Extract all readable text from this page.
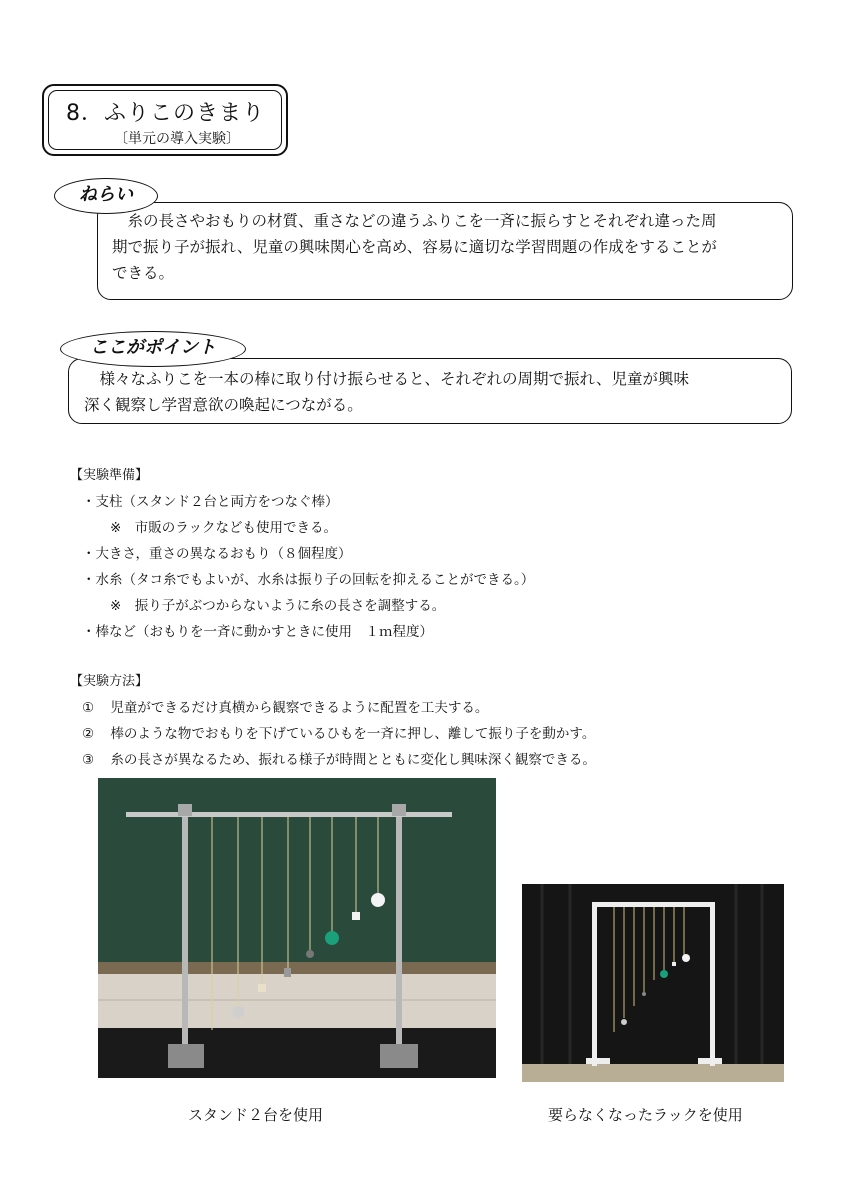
8．ふりこのきまり
〔単元の導入実験〕
糸の長さやおもりの材質、重さなどの違うふりこを一斉に振らすとそれぞれ違った周
期で振り子が振れ、児童の興味関心を高め、容易に適切な学習問題の作成をすることが
できる。
ねらい
様々なふりこを一本の棒に取り付け振らせると、それぞれの周期で振れ、児童が興味
深く観察し学習意欲の喚起につながる。
ここがポイント
【実験準備】
・支柱（スタンド２台と両方をつなぐ棒）
※　市販のラックなども使用できる。
・大きさ，重さの異なるおもり（８個程度）
・水糸（タコ糸でもよいが、水糸は振り子の回転を抑えることができる。）
※　振り子がぶつからないように糸の長さを調整する。
・棒など（おもりを一斉に動かすときに使用　１ｍ程度）
【実験方法】
① 児童ができるだけ真横から観察できるように配置を工夫する。
② 棒のような物でおもりを下げているひもを一斉に押し、離して振り子を動かす。
③ 糸の長さが異なるため、振れる様子が時間とともに変化し興味深く観察できる。
スタンド２台を使用	要らなくなったラックを使用
